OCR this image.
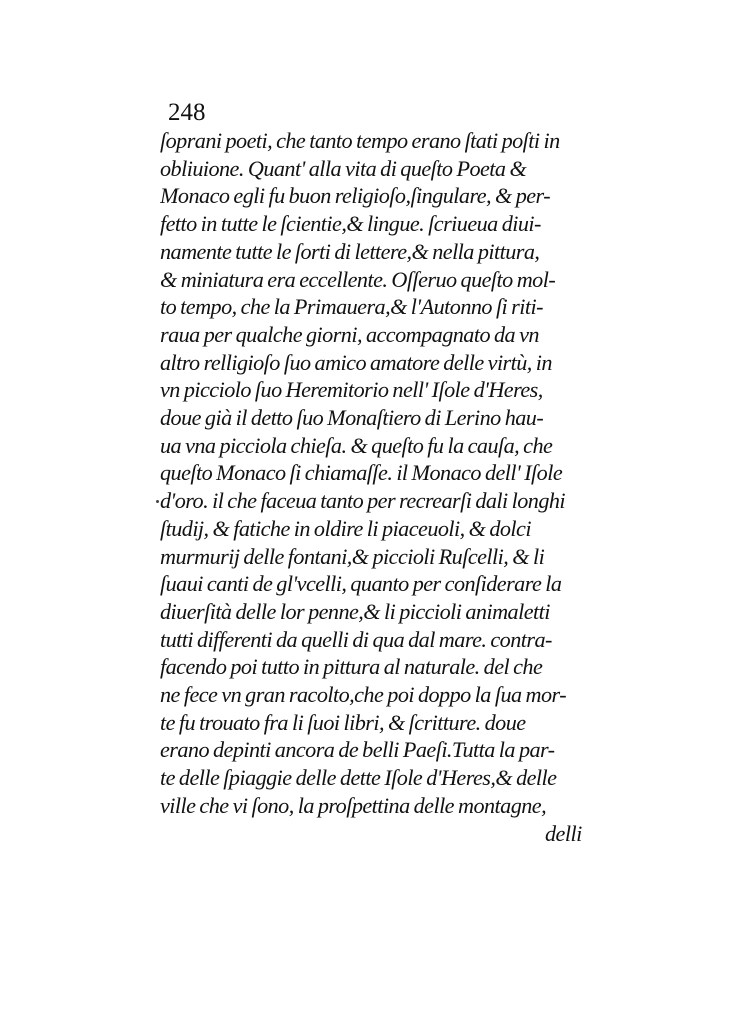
248
ſoprani poeti, che tanto tempo erano ſtati poſti in
obliuione. Quant' alla vita di queſto Poeta &
Monaco egli fu buon religioſo,ſingulare, & per-
fetto in tutte le ſcientie,& lingue. ſcriueua diui-
namente tutte le ſorti di lettere,& nella pittura,
& miniatura era eccellente. Oſſeruo queſto mol-
to tempo, che la Primauera,& l'Autonno ſi riti-
raua per qualche giorni, accompagnato da vn
altro relligioſo ſuo amico amatore delle virtù, in
vn picciolo ſuo Heremitorio nell' Iſole d'Heres,
doue già il detto ſuo Monaſtiero di Lerino hau-
ua vna picciola chieſa. & queſto fu la cauſa, che
queſto Monaco ſi chiamaſſe. il Monaco dell' Iſole
d'oro. il che faceua tanto per recrearſi dali longhi
ſtudij, & fatiche in oldire li piaceuoli, & dolci
murmurij delle fontani,& piccioli Ruſcelli, & li
ſuaui canti de gl'vcelli, quanto per conſiderare la
diuerſità delle lor penne,& li piccioli animaletti
tutti differenti da quelli di qua dal mare. contra-
facendo poi tutto in pittura al naturale. del che
ne fece vn gran racolto,che poi doppo la ſua mor-
te fu trouato fra li ſuoi libri, & ſcritture. doue
erano depinti ancora de belli Paeſi.Tutta la par-
te delle ſpiaggie delle dette Iſole d'Heres,& delle
ville che vi ſono, la proſpettina delle montagne,
delli
